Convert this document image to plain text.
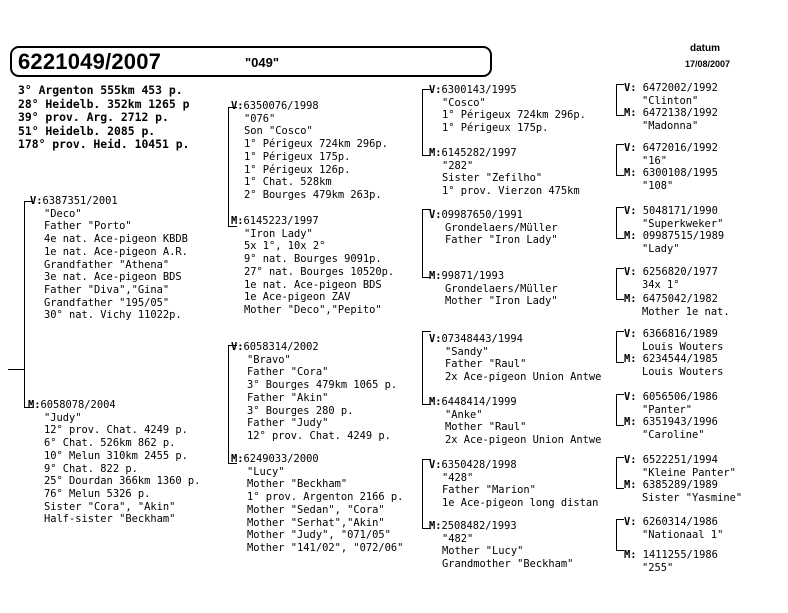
6221049/2007	"049"
datum
17/08/2007
3° Argenton 555km 453 p.
28° Heidelb. 352km 1265 p
39° prov. Arg. 2712 p.
51° Heidelb. 2085 p.
178° prov. Heid. 10451 p.
V:6387351/2001

"Deco"
Father "Porto"
4e nat. Ace-pigeon KBDB
1e nat. Ace-pigeon A.R.
Grandfather "Athena"
3e nat. Ace-pigeon BDS
Father "Diva","Gina"
Grandfather "195/05"
30° nat. Vichy 11022p.
M:6058078/2004

"Judy"
12° prov. Chat. 4249 p.
6° Chat. 526km 862 p.
10° Melun 310km 2455 p.
9° Chat. 822 p.
25° Dourdan 366km 1360 p.
76° Melun 5326 p.
Sister "Cora", "Akin"
Half-sister "Beckham"
V:6350076/1998

"076"
Son "Cosco"
1° Périgeux 724km 296p.
1° Périgeux 175p.
1° Périgeux 126p.
1° Chat. 528km
2° Bourges 479km 263p.
M:6145223/1997

"Iron Lady"
5x 1°, 10x 2°
9° nat. Bourges 9091p.
27° nat. Bourges 10520p.
1e nat. Ace-pigeon BDS
1e Ace-pigeon ZAV
Mother "Deco","Pepito"
V:6058314/2002

"Bravo"
Father "Cora"
3° Bourges 479km 1065 p.
Father "Akin"
3° Bourges 280 p.
Father "Judy"
12° prov. Chat. 4249 p.
M:6249033/2000

"Lucy"
Mother "Beckham"
1° prov. Argenton 2166 p.
Mother "Sedan", "Cora"
Mother "Serhat","Akin"
Mother "Judy", "071/05"
Mother "141/02", "072/06"
V:6300143/1995

"Cosco"
1° Périgeux 724km 296p.
1° Périgeux 175p.
M:6145282/1997

"282"
Sister "Zefilho"
1° prov. Vierzon 475km
V:09987650/1991

Grondelaers/Müller
Father "Iron Lady"
M:99871/1993

Grondelaers/Müller
Mother "Iron Lady"
V:07348443/1994

"Sandy"
Father "Raul"
2x Ace-pigeon Union Antwe
M:6448414/1999

"Anke"
Mother "Raul"
2x Ace-pigeon Union Antwe
V:6350428/1998

"428"
Father "Marion"
1e Ace-pigeon long distan
M:2508482/1993

"482"
Mother "Lucy"
Grandmother "Beckham"
V: 6472002/1992
"Clinton"
M: 6472138/1992
"Madonna"
V: 6472016/1992
"16"
M: 6300108/1995
"108"
V: 5048171/1990
"Superkweker"
M: 09987515/1989
"Lady"
V: 6256820/1977
34x 1°
M: 6475042/1982
Mother 1e nat.
V: 6366816/1989
Louis Wouters
M: 6234544/1985
Louis Wouters
V: 6056506/1986
"Panter"
M: 6351943/1996
"Caroline"
V: 6522251/1994
"Kleine Panter"
M: 6385289/1989
Sister "Yasmine"
V: 6260314/1986
"Nationaal 1"
M: 1411255/1986
"255"
